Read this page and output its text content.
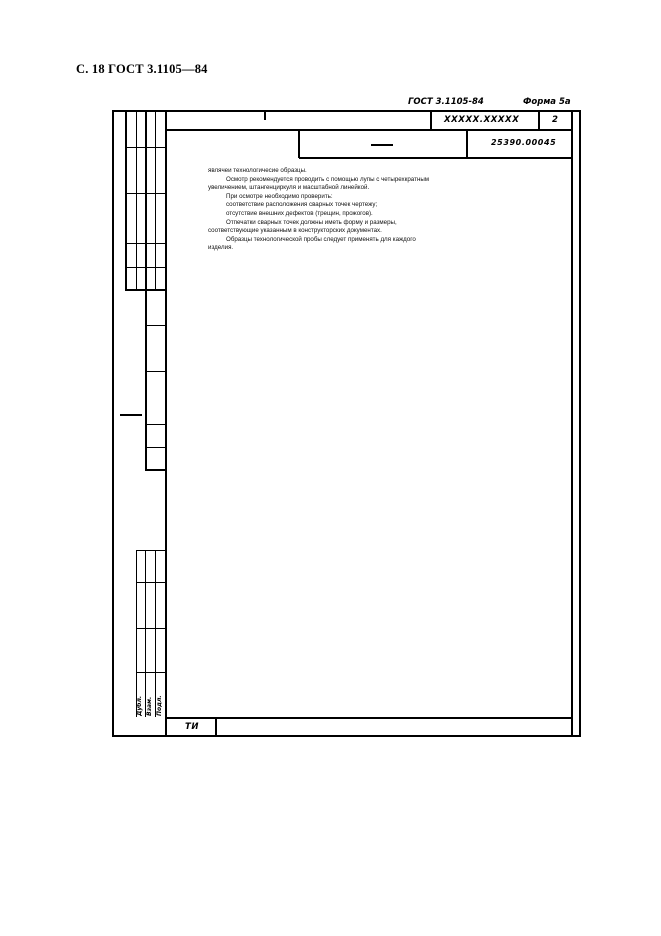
С. 18 ГОСТ 3.1105—84
ГОСТ 3.1105-84	Форма 5а
ХХХХХ.ХХХХХ	2
25390.00045
Дубл. Взам. Подл.
ТИ

являчеи технологичесие образцы.

Осмотр рекомендуется проводить с помощью лупы с четырехкратным

увеличением, штангенциркуля и масштабной линейкой.

При осмотре необходимо проверить:

соответствие расположения сварных точек чертежу;

отсутствие внешних дефектов (трещин, прожогов).

Отпечатки сварных точек должны иметь форму и размеры,

соответствующие указанным в конструкторских документах.

Образцы технологической пробы следует применять для каждого

изделия.
